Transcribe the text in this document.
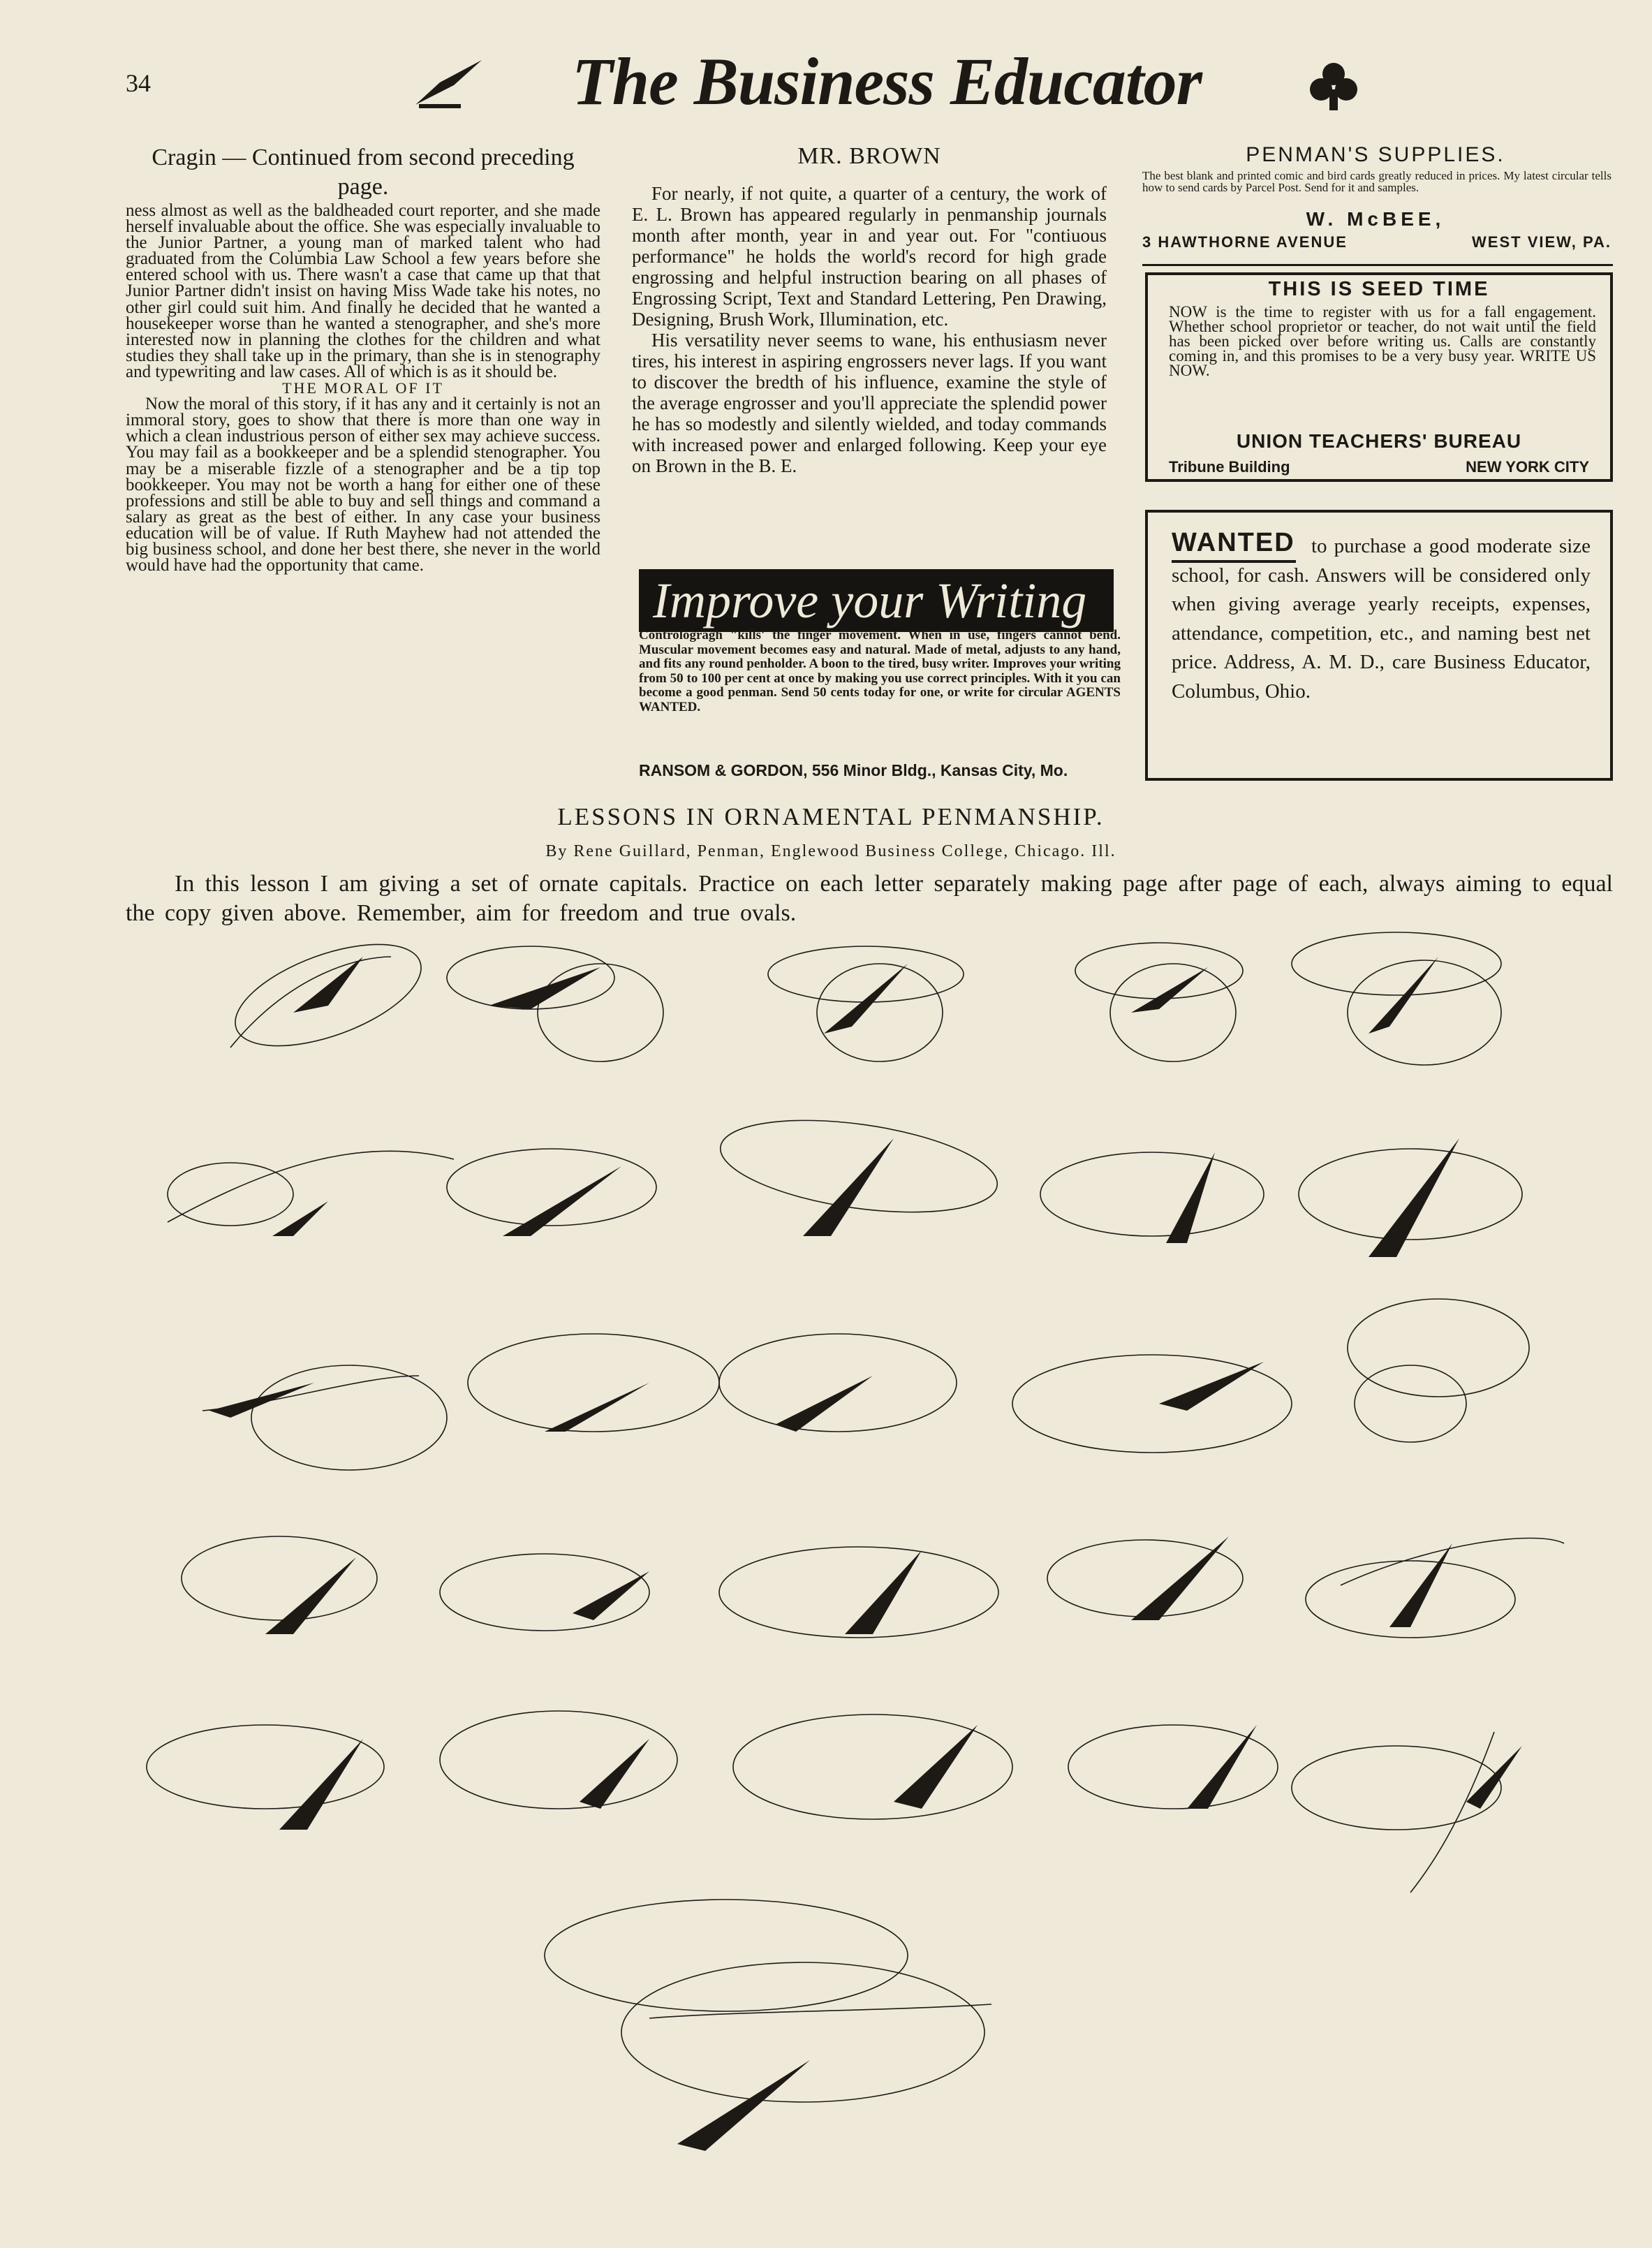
34	The Business Educator
Cragin — Continued from second preceding page.

ness almost as well as the baldheaded court reporter, and she made herself invaluable about the office. She was especially invaluable to the Junior Partner, a young man of marked talent who had graduated from the Columbia Law School a few years before she entered school with us. There wasn't a case that came up that that Junior Partner didn't insist on having Miss Wade take his notes, no other girl could suit him. And finally he decided that he wanted a housekeeper worse than he wanted a stenographer, and she's more interested now in planning the clothes for the children and what studies they shall take up in the primary, than she is in stenography and typewriting and law cases. All of which is as it should be.

THE MORAL OF IT

Now the moral of this story, if it has any and it certainly is not an immoral story, goes to show that there is more than one way in which a clean industrious person of either sex may achieve success. You may fail as a bookkeeper and be a splendid stenographer. You may be a miserable fizzle of a stenographer and be a tip top bookkeeper. You may not be worth a hang for either one of these professions and still be able to buy and sell things and command a salary as great as the best of either. In any case your business education will be of value. If Ruth Mayhew had not attended the big business school, and done her best there, she never in the world would have had the opportunity that came.

MR. BROWN

For nearly, if not quite, a quarter of a century, the work of E. L. Brown has appeared regularly in penmanship journals month after month, year in and year out. For "contiuous performance" he holds the world's record for high grade engrossing and helpful instruction bearing on all phases of Engrossing Script, Text and Standard Lettering, Pen Drawing, Designing, Brush Work, Illumination, etc.

His versatility never seems to wane, his enthusiasm never tires, his interest in aspiring engrossers never lags. If you want to discover the bredth of his influence, examine the style of the average engrosser and you'll appreciate the splendid power he has so modestly and silently wielded, and today commands with increased power and enlarged following. Keep your eye on Brown in the B. E.

Improve your Writing
Contrologragh "kills' the finger movement. When in use, fingers cannot bend. Muscular movement becomes easy and natural. Made of metal, adjusts to any hand, and fits any round penholder. A boon to the tired, busy writer. Improves your writing from 50 to 100 per cent at once by making you use correct principles. With it you can become a good penman. Send 50 cents today for one, or write for circular AGENTS WANTED.
RANSOM & GORDON, 556 Minor Bldg., Kansas City, Mo.
PENMAN'S SUPPLIES.
The best blank and printed comic and bird cards greatly reduced in prices. My latest circular tells how to send cards by Parcel Post. Send for it and samples.
W. McBEE,
3 HAWTHORNE AVENUE	WEST VIEW, PA.
THIS IS SEED TIME
NOW is the time to register with us for a fall engagement. Whether school proprietor or teacher, do not wait until the field has been picked over before writing us. Calls are constantly coming in, and this promises to be a very busy year. WRITE US NOW.
UNION TEACHERS' BUREAU
Tribune Building	NEW YORK CITY
WANTED to purchase a good moderate size school, for cash. Answers will be considered only when giving average yearly receipts, expenses, attendance, competition, etc., and naming best net price. Address, A. M. D., care Business Educator, Columbus, Ohio.
LESSONS IN ORNAMENTAL PENMANSHIP.
By Rene Guillard, Penman, Englewood Business College, Chicago. Ill.
In this lesson I am giving a set of ornate capitals. Practice on each letter separately making page after page of each, always aiming to equal the copy given above. Remember, aim for freedom and true ovals.
